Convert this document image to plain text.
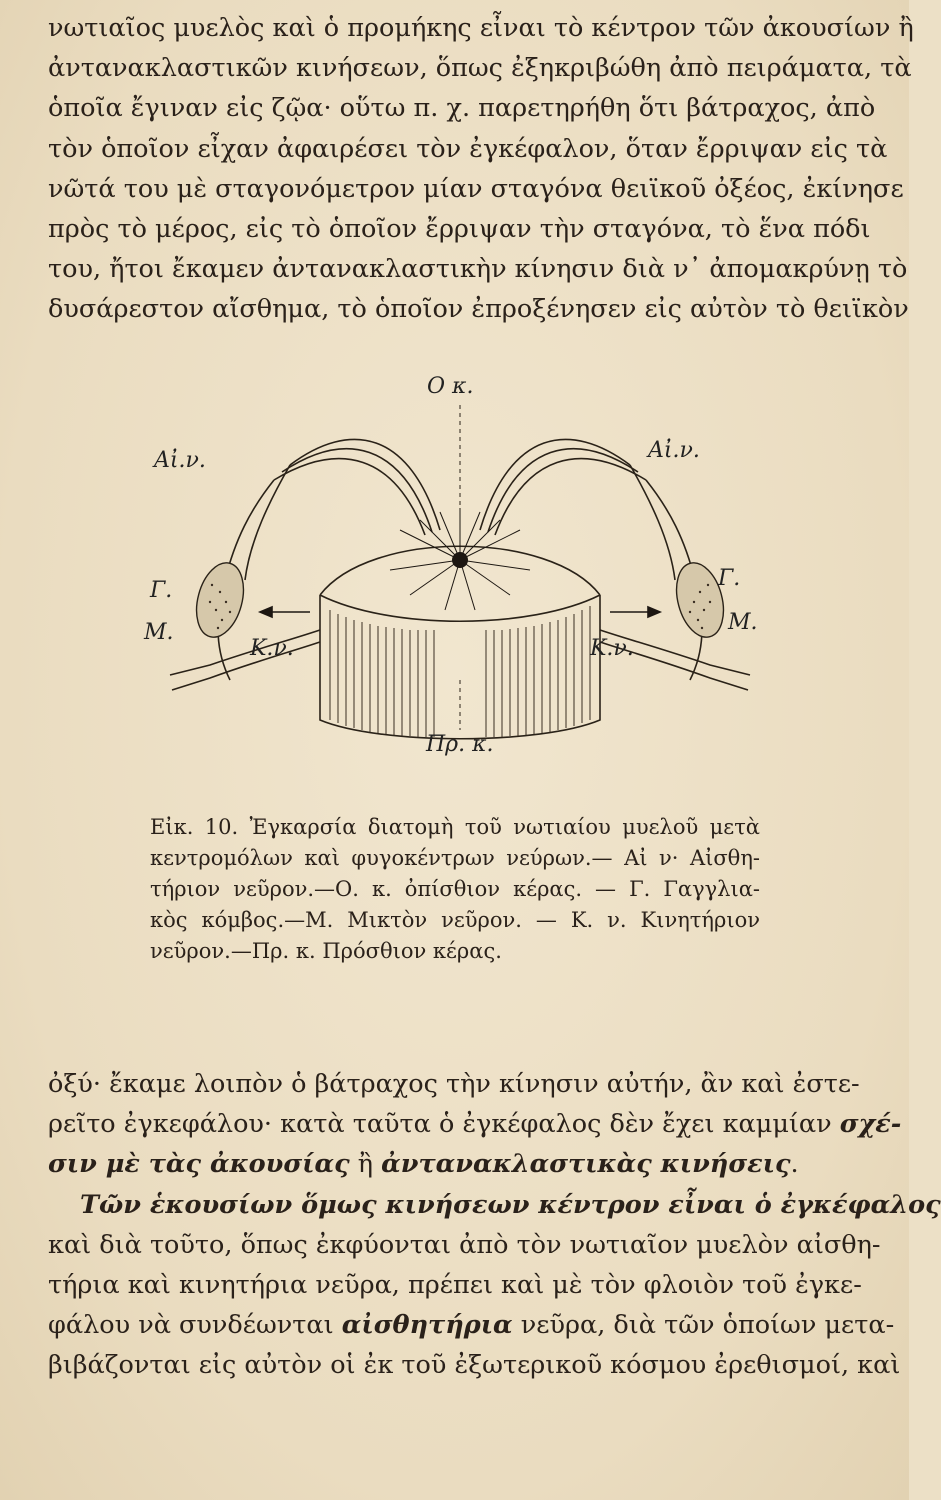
νωτιαῖος μυελὸς καὶ ὁ προμήκης εἶναι τὸ κέντρον τῶν ἀκουσίων ἢ
ἀντανακλαστικῶν κινήσεων, ὅπως ἐξηκριβώθη ἀπὸ πειράματα, τὰ
ὁποῖα ἔγιναν εἰς ζῷα· οὕτω π. χ. παρετηρήθη ὅτι βάτραχος, ἀπὸ
τὸν ὁποῖον εἶχαν ἀφαιρέσει τὸν ἐγκέφαλον, ὅταν ἔρριψαν εἰς τὰ
νῶτά του μὲ σταγονόμετρον μίαν σταγόνα θειϊκοῦ ὀξέος, ἐκίνησε
πρὸς τὸ μέρος, εἰς τὸ ὁποῖον ἔρριψαν τὴν σταγόνα, τὸ ἕνα πόδι
του, ἤτοι ἔκαμεν ἀντανακλαστικὴν κίνησιν διὰ ν᾿ ἀπομακρύνῃ τὸ
δυσάρεστον αἴσθημα, τὸ ὁποῖον ἐπροξένησεν εἰς αὐτὸν τὸ θειϊκὸν
Ο κ.
Αἰ.ν.	Αἰ.ν.
Γ.	Γ.
Μ.	Μ.
Κ.ν.	Κ.ν.
Πρ. κ.
Εἰκ. 10. Ἐγκαρσία διατομὴ τοῦ νωτιαίου μυελοῦ μετὰ
κεντρομόλων καὶ φυγοκέντρων νεύρων.— Αἰ ν· Αἰσθη-
τήριον νεῦρον.—Ο. κ. ὀπίσθιον κέρας. — Γ. Γαγγλια-
κὸς κόμβος.—Μ. Μικτὸν νεῦρον. — Κ. ν. Κινητήριον
νεῦρον.—Πρ. κ. Πρόσθιον κέρας.
ὀξύ· ἔκαμε λοιπὸν ὁ βάτραχος τὴν κίνησιν αὐτήν, ἂν καὶ ἐστε-
ρεῖτο ἐγκεφάλου· κατὰ ταῦτα ὁ ἐγκέφαλος δὲν ἔχει καμμίαν σχέ-
σιν μὲ τὰς ἀκουσίας ἢ ἀντανακλαστικὰς κινήσεις.
Τῶν ἑκουσίων ὅμως κινήσεων κέντρον εἶναι ὁ ἐγκέφαλος
καὶ διὰ τοῦτο, ὅπως ἐκφύονται ἀπὸ τὸν νωτιαῖον μυελὸν αἰσθη-
τήρια καὶ κινητήρια νεῦρα, πρέπει καὶ μὲ τὸν φλοιὸν τοῦ ἐγκε-
φάλου νὰ συνδέωνται αἰσθητήρια νεῦρα, διὰ τῶν ὁποίων μετα-
βιβάζονται εἰς αὐτὸν οἱ ἐκ τοῦ ἐξωτερικοῦ κόσμου ἐρεθισμοί, καὶ
